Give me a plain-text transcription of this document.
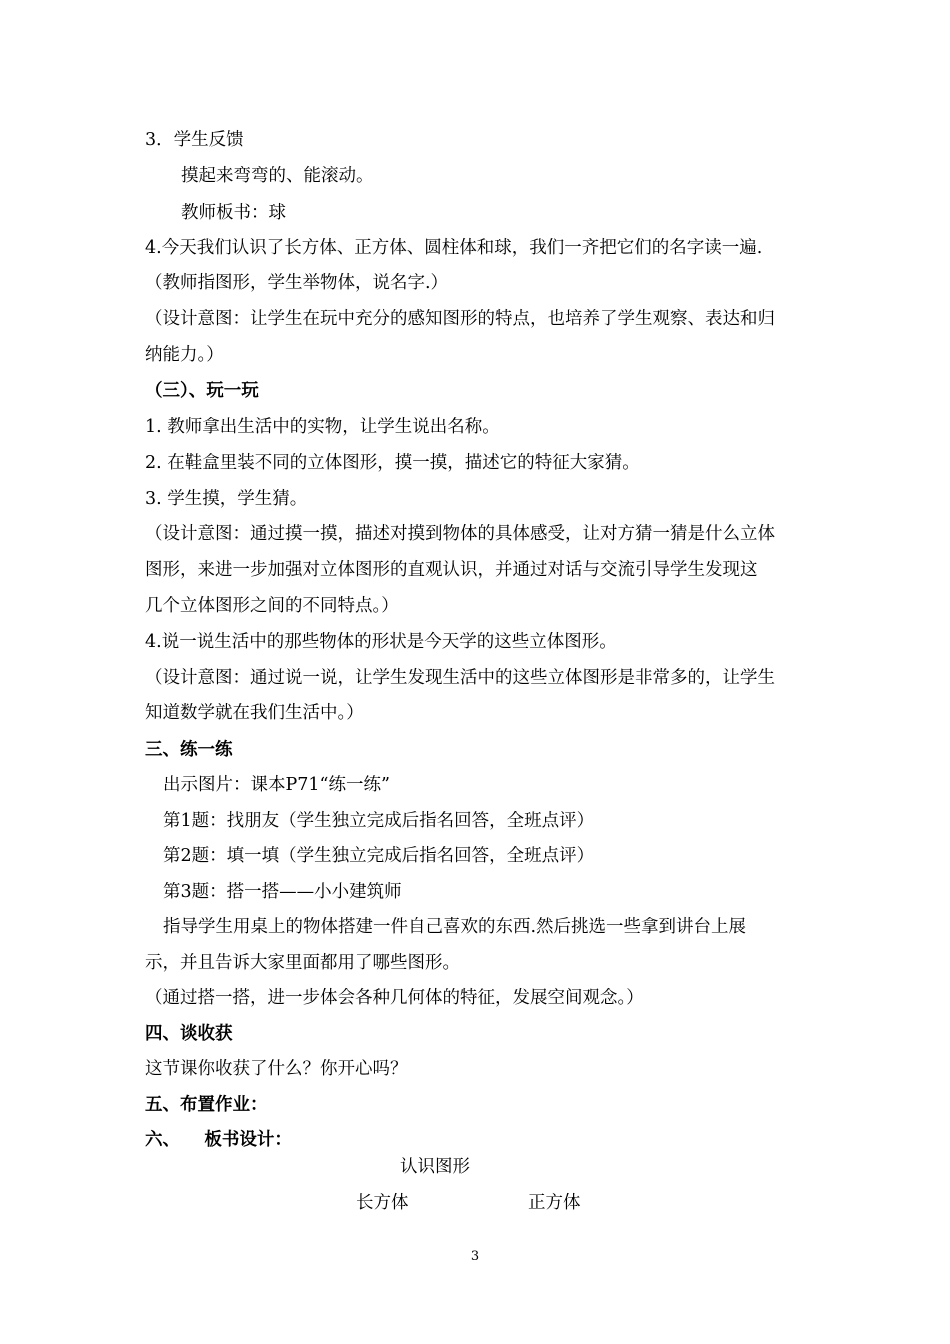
3．学生反馈
摸起来弯弯的、能滚动。
教师板书：球
4.今天我们认识了长方体、正方体、圆柱体和球，我们一齐把它们的名字读一遍.
（教师指图形，学生举物体，说名字.）
（设计意图：让学生在玩中充分的感知图形的特点，也培养了学生观察、表达和归
纳能力。）
（三）、玩一玩
1. 教师拿出生活中的实物，让学生说出名称。
2. 在鞋盒里装不同的立体图形，摸一摸，描述它的特征大家猜。
3. 学生摸，学生猜。
（设计意图：通过摸一摸，描述对摸到物体的具体感受，让对方猜一猜是什么立体
图形，来进一步加强对立体图形的直观认识，并通过对话与交流引导学生发现这
几个立体图形之间的不同特点。）
4.说一说生活中的那些物体的形状是今天学的这些立体图形。
（设计意图：通过说一说，让学生发现生活中的这些立体图形是非常多的，让学生
知道数学就在我们生活中。）
三、练一练
出示图片：课本P71“练一练”
第1题：找朋友（学生独立完成后指名回答，全班点评）
第2题：填一填（学生独立完成后指名回答，全班点评）
第3题：搭一搭——小小建筑师
指导学生用桌上的物体搭建一件自己喜欢的东西.然后挑选一些拿到讲台上展
示，并且告诉大家里面都用了哪些图形。
（通过搭一搭，进一步体会各种几何体的特征，发展空间观念。）
四、谈收获
这节课你收获了什么？你开心吗？
五、布置作业：
六、    板书设计：
认识图形
长方体	正方体
3
